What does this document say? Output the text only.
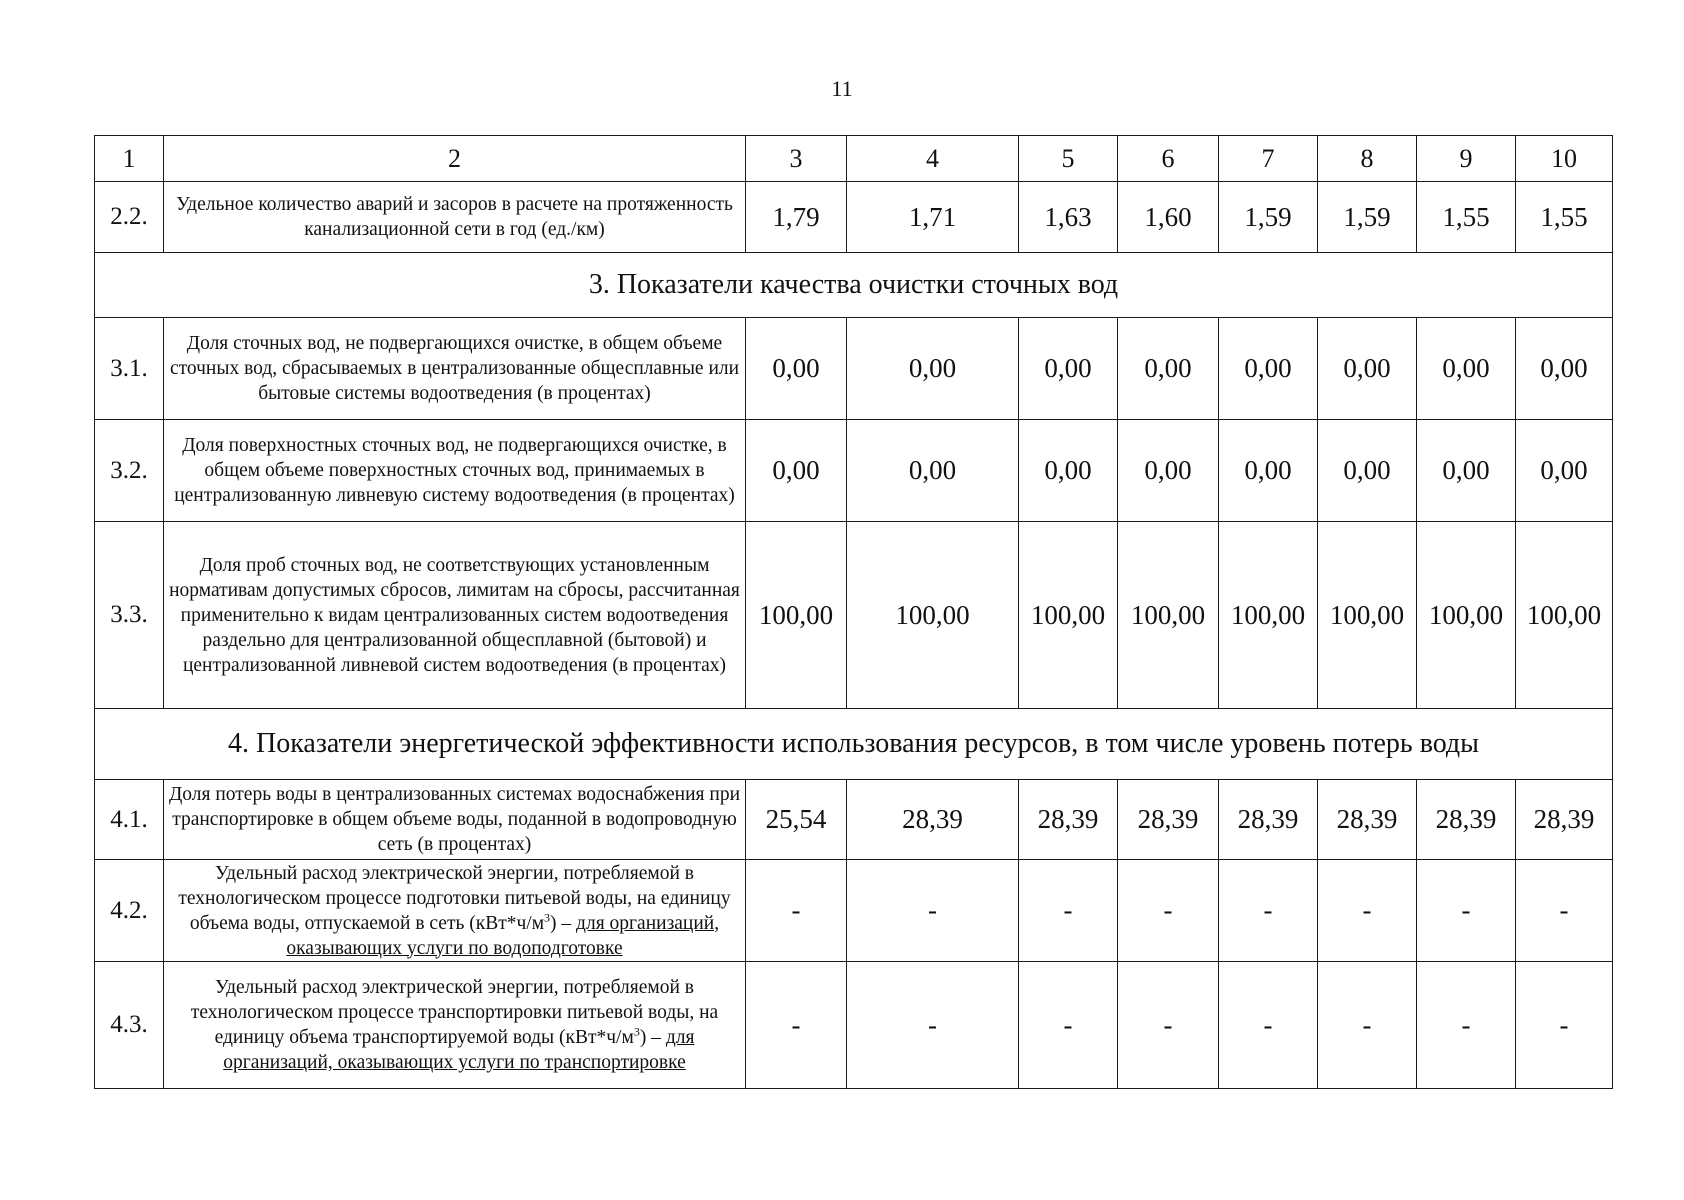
11
1	2	3	4	5	6	7	8	9	10
2.2.	Удельное количество аварий и засоров в расчете на протяженность канализационной сети в год (ед./км)	1,79	1,71	1,63	1,60	1,59	1,59	1,55	1,55
3. Показатели качества очистки сточных вод									
3.1.	Доля сточных вод, не подвергающихся очистке, в общем объеме сточных вод, сбрасываемых в централизованные общесплавные или бытовые системы водоотведения (в процентах)	0,00	0,00	0,00	0,00	0,00	0,00	0,00	0,00
3.2.	Доля поверхностных сточных вод, не подвергающихся очистке, в общем объеме поверхностных сточных вод, принимаемых в централизованную ливневую систему водоотведения (в процентах)	0,00	0,00	0,00	0,00	0,00	0,00	0,00	0,00
3.3.	Доля проб сточных вод, не соответствующих установленным нормативам допустимых сбросов, лимитам на сбросы, рассчитанная применительно к видам централизованных систем водоотведения раздельно для централизованной общесплавной (бытовой) и централизованной ливневой систем водоотведения (в процентах)	100,00	100,00	100,00	100,00	100,00	100,00	100,00	100,00
4. Показатели энергетической эффективности использования ресурсов, в том числе уровень потерь воды									
4.1.	Доля потерь воды в централизованных системах водоснабжения при транспортировке в общем объеме воды, поданной в водопроводную сеть (в процентах)	25,54	28,39	28,39	28,39	28,39	28,39	28,39	28,39
4.2.	Удельный расход электрической энергии, потребляемой в технологическом процессе подготовки питьевой воды, на единицу объема воды, отпускаемой в сеть $(кВт*ч/м^3)$ – для организаций, оказывающих услуги по водоподготовке	-	-	-	-	-	-	-	-
4.3.	Удельный расход электрической энергии, потребляемой в технологическом процессе транспортировки питьевой воды, на единицу объема транспортируемой воды $(кВт*ч/м^3)$ – для организаций, оказывающих услуги по транспортировке	-	-	-	-	-	-	-	-
